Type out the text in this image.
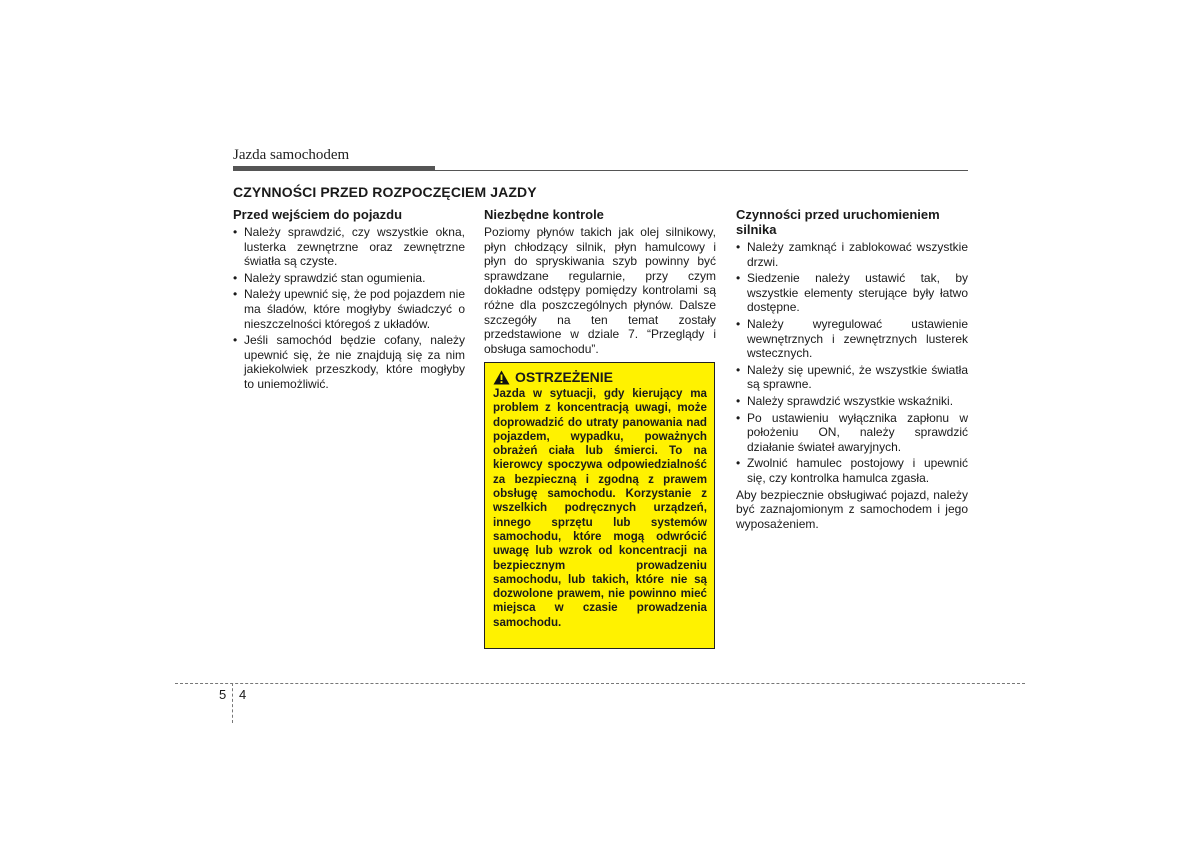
Jazda samochodem
CZYNNOŚCI PRZED ROZPOCZĘCIEM JAZDY
Przed wejściem do pojazdu
• Należy sprawdzić, czy wszystkie okna, lusterka zewnętrzne oraz zewnętrzne światła są czyste.
• Należy sprawdzić stan ogumienia.
• Należy upewnić się, że pod pojazdem nie ma śladów, które mogłyby świadczyć o nieszczelności któregoś z układów.
• Jeśli samochód będzie cofany, należy upewnić się, że nie znajdują się za nim jakiekolwiek przeszkody, które mogłyby to uniemożliwić.
Niezbędne kontrole

Poziomy płynów takich jak olej silnikowy, płyn chłodzący silnik, płyn hamulcowy i płyn do spryskiwania szyb powinny być sprawdzane regularnie, przy czym dokładne odstępy pomiędzy kontrolami są różne dla poszczególnych płynów. Dalsze szczegóły na ten temat zostały przedstawione w dziale 7. “Przeglądy i obsługa samochodu”.

OSTRZEŻENIE
Jazda w sytuacji, gdy kierujący ma problem z koncentracją uwagi, może doprowadzić do utraty panowania nad pojazdem, wypadku, poważnych obrażeń ciała lub śmierci. To na kierowcy spoczywa odpowiedzialność za bezpieczną i zgodną z prawem obsługę samochodu. Korzystanie z wszelkich podręcznych urządzeń, innego sprzętu lub systemów samochodu, które mogą odwrócić uwagę lub wzrok od koncentracji na bezpiecznym prowadzeniu samochodu, lub takich, które nie są dozwolone prawem, nie powinno mieć miejsca w czasie prowadzenia samochodu.
Czynności przed uruchomieniem silnika
• Należy zamknąć i zablokować wszystkie drzwi.
• Siedzenie należy ustawić tak, by wszystkie elementy sterujące były łatwo dostępne.
• Należy wyregulować ustawienie wewnętrznych i zewnętrznych lusterek wstecznych.
• Należy się upewnić, że wszystkie światła są sprawne.
• Należy sprawdzić wszystkie wskaźniki.
• Po ustawieniu wyłącznika zapłonu w położeniu ON, należy sprawdzić działanie świateł awaryjnych.
• Zwolnić hamulec postojowy i upewnić się, czy kontrolka hamulca zgasła.

Aby bezpiecznie obsługiwać pojazd, należy być zaznajomionym z samochodem i jego wyposażeniem.

5 4
